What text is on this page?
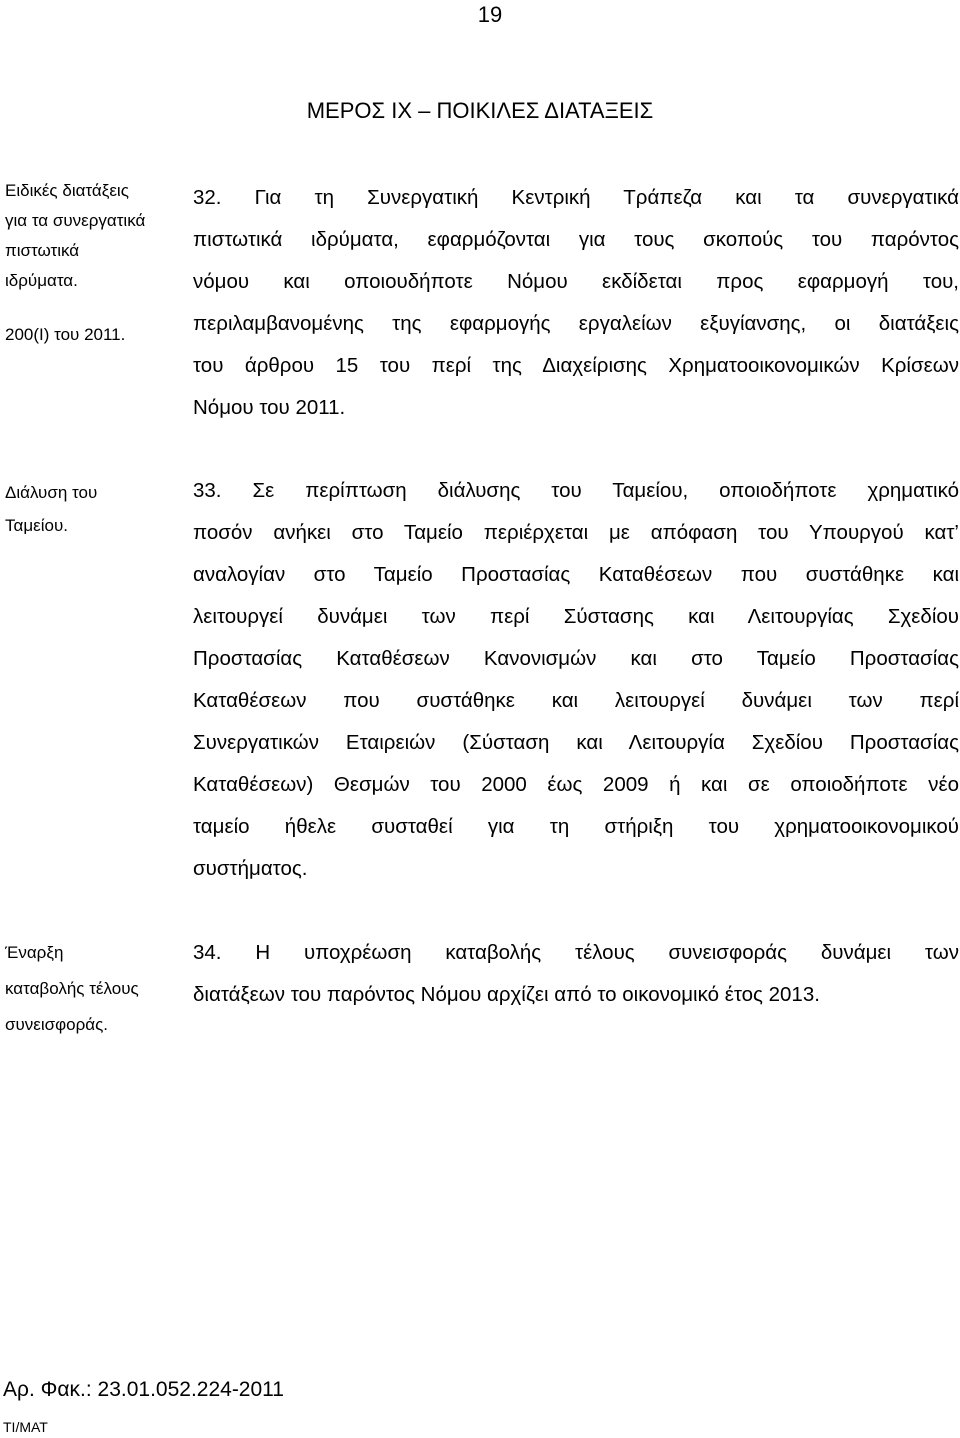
19
ΜΕΡΟΣ ΙΧ – ΠΟΙΚΙΛΕΣ ΔΙΑΤΑΞΕΙΣ
Ειδικές διατάξεις
για τα συνεργατικά
πιστωτικά
ιδρύματα.
200(Ι) του 2011.
32. Για τη Συνεργατική Κεντρική Τράπεζα και τα συνεργατικά
πιστωτικά ιδρύματα, εφαρμόζονται για τους σκοπούς του παρόντος
νόμου και οποιουδήποτε Νόμου εκδίδεται προς εφαρμογή του,
περιλαμβανομένης της εφαρμογής εργαλείων εξυγίανσης, οι διατάξεις
του άρθρου 15 του περί της Διαχείρισης Χρηματοοικονομικών Κρίσεων
Νόμου του 2011.
Διάλυση του
Ταμείου.
33. Σε περίπτωση διάλυσης του Ταμείου, οποιοδήποτε χρηματικό
ποσόν ανήκει στο Ταμείο περιέρχεται με απόφαση του Υπουργού κατ’
αναλογίαν στο Ταμείο Προστασίας Καταθέσεων που συστάθηκε και
λειτουργεί δυνάμει των περί Σύστασης και Λειτουργίας Σχεδίου
Προστασίας Καταθέσεων Κανονισμών και στο Ταμείο Προστασίας
Καταθέσεων που συστάθηκε και λειτουργεί δυνάμει των περί
Συνεργατικών Εταιρειών (Σύσταση και Λειτουργία Σχεδίου Προστασίας
Καταθέσεων) Θεσμών του 2000 έως 2009 ή και σε οποιοδήποτε νέο
ταμείο ήθελε συσταθεί για τη στήριξη του χρηματοοικονομικού
συστήματος.
Έναρξη
καταβολής τέλους
συνεισφοράς.
34. Η υποχρέωση καταβολής τέλους συνεισφοράς δυνάμει των
διατάξεων του παρόντος Νόμου αρχίζει από το οικονομικό έτος 2013.
Αρ. Φακ.: 23.01.052.224-2011
ΤΙ/ΜΑΤ
